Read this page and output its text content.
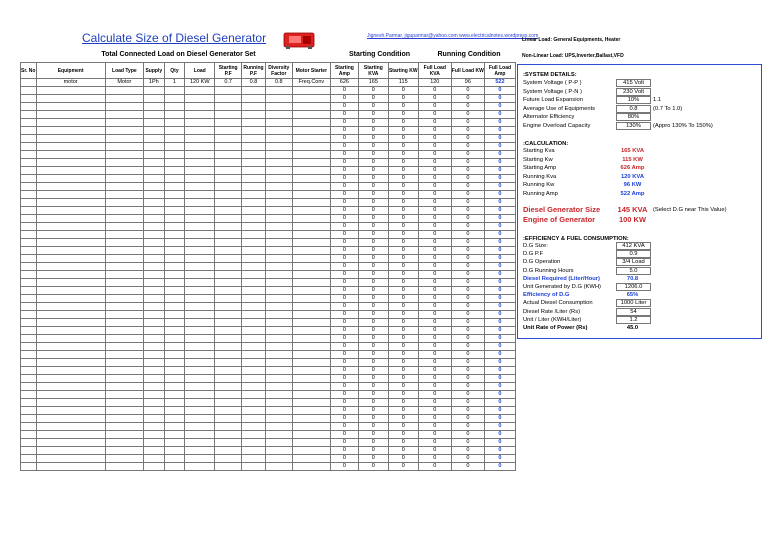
Calculate Size of Diesel Generator	Jignesh.Parmar, jiguparmar@yahoo.com www.electricalnotes.wordpress.com
Linear Load: General Equipments, Heater
Non-Linear Load: UPS,Inverter,Ballast,VFD
Total Connected Load on Diesel Generator Set	Starting Condition	Running Condition
Sr. No	Equipment	Load Type	Supply	Qty	Load	Starting P.F	Running P.F	Diversity Factor	Motor Starter	Starting Amp	Starting KVA	Starting KW	Full Load KVA	Full Load KW	Full Load Amp
	motor	Motor	1Ph	1	120 KW	0.7	0.8	0.8	Freq.Conv	626	165	115	120	96	522
										0	0	0	0	0	0
										0	0	0	0	0	0
										0	0	0	0	0	0
										0	0	0	0	0	0
										0	0	0	0	0	0
										0	0	0	0	0	0
										0	0	0	0	0	0
										0	0	0	0	0	0
										0	0	0	0	0	0
										0	0	0	0	0	0
										0	0	0	0	0	0
										0	0	0	0	0	0
										0	0	0	0	0	0
										0	0	0	0	0	0
										0	0	0	0	0	0
										0	0	0	0	0	0
										0	0	0	0	0	0
										0	0	0	0	0	0
										0	0	0	0	0	0
										0	0	0	0	0	0
										0	0	0	0	0	0
										0	0	0	0	0	0
										0	0	0	0	0	0
										0	0	0	0	0	0
										0	0	0	0	0	0
										0	0	0	0	0	0
										0	0	0	0	0	0
										0	0	0	0	0	0
										0	0	0	0	0	0
										0	0	0	0	0	0
										0	0	0	0	0	0
										0	0	0	0	0	0
										0	0	0	0	0	0
										0	0	0	0	0	0
										0	0	0	0	0	0
										0	0	0	0	0	0
										0	0	0	0	0	0
										0	0	0	0	0	0
										0	0	0	0	0	0
										0	0	0	0	0	0
										0	0	0	0	0	0
										0	0	0	0	0	0
										0	0	0	0	0	0
										0	0	0	0	0	0
										0	0	0	0	0	0
										0	0	0	0	0	0
										0	0	0	0	0	0
										0	0	0	0	0	0
:SYSTEM DETAILS:
System Voltage ( P-P )	415 Volt
System Voltage ( P-N )	230 Volt
Future Load Expansion	10%	1.1
Average Use of Equipments	0.8	(0.7 To 1.0)
Alternator Efficiency	80%
Engine Overload Capacity	130%	(Appro 130% To 150%)
:CALCULATION:
Starting Kva	165 KVA
Starting Kw	115 KW
Starting Amp	626 Amp
Running Kva	120 KVA
Running Kw	96 KW
Running Amp	522 Amp
Diesel Generator Size 145 KVA (Select D.G near This Value)
Engine of Generator	100 KW
:EFFICIENCY & FUEL CONSUMPTION:
D.G Size:	412 KVA
D.G P.F	0.9
D.G Operation	3/4 Load
D.G Running Hours	5.0
Diesel Required (Liter/Hour)	70.8
Unit Generated by D.G (KWH)	1206.0
Efficiency of D.G	65%
Actual Diesel Consumption	1000 Liter
Diesel Rate /Liter (Rs)	54
Unit / Liter (KWH/Liter)	1.2
Unit Rate of Power (Rs)	45.0
